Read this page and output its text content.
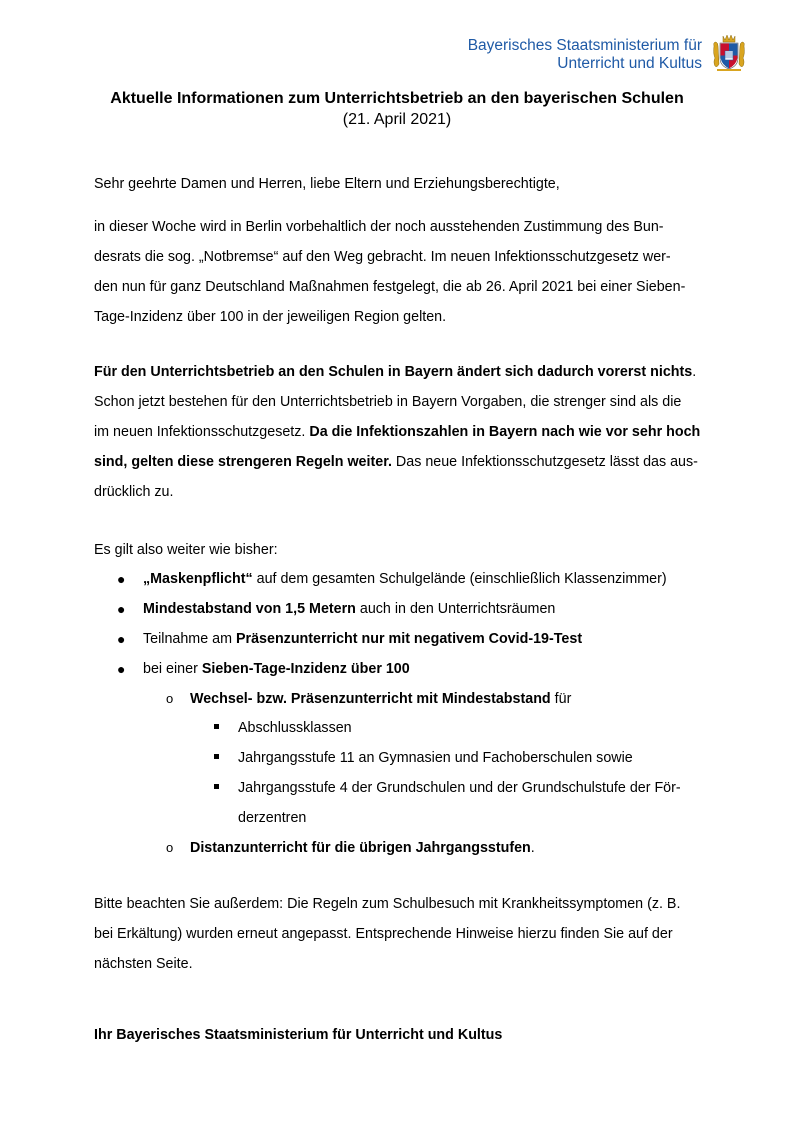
Bayerisches Staatsministerium für
Unterricht und Kultus
Aktuelle Informationen zum Unterrichtsbetrieb an den bayerischen Schulen
(21. April 2021)
Sehr geehrte Damen und Herren, liebe Eltern und Erziehungsberechtigte,
in dieser Woche wird in Berlin vorbehaltlich der noch ausstehenden Zustimmung des Bun-
desrats die sog. „Notbremse“ auf den Weg gebracht. Im neuen Infektionsschutzgesetz wer-
den nun für ganz Deutschland Maßnahmen festgelegt, die ab 26. April 2021 bei einer Sieben-
Tage-Inzidenz über 100 in der jeweiligen Region gelten.
Für den Unterrichtsbetrieb an den Schulen in Bayern ändert sich dadurch vorerst nichts.
Schon jetzt bestehen für den Unterrichtsbetrieb in Bayern Vorgaben, die strenger sind als die
im neuen Infektionsschutzgesetz. Da die Infektionszahlen in Bayern nach wie vor sehr hoch
sind, gelten diese strengeren Regeln weiter. Das neue Infektionsschutzgesetz lässt das aus-
drücklich zu.
Es gilt also weiter wie bisher:
● „Maskenpflicht“ auf dem gesamten Schulgelände (einschließlich Klassenzimmer)
● Mindestabstand von 1,5 Metern auch in den Unterrichtsräumen
● Teilnahme am Präsenzunterricht nur mit negativem Covid-19-Test
● bei einer Sieben-Tage-Inzidenz über 100
o Wechsel- bzw. Präsenzunterricht mit Mindestabstand für
Abschlussklassen
Jahrgangsstufe 11 an Gymnasien und Fachoberschulen sowie
Jahrgangsstufe 4 der Grundschulen und der Grundschulstufe der För-
derzentren
o Distanzunterricht für die übrigen Jahrgangsstufen.
Bitte beachten Sie außerdem: Die Regeln zum Schulbesuch mit Krankheitssymptomen (z. B.
bei Erkältung) wurden erneut angepasst. Entsprechende Hinweise hierzu finden Sie auf der
nächsten Seite.
Ihr Bayerisches Staatsministerium für Unterricht und Kultus
